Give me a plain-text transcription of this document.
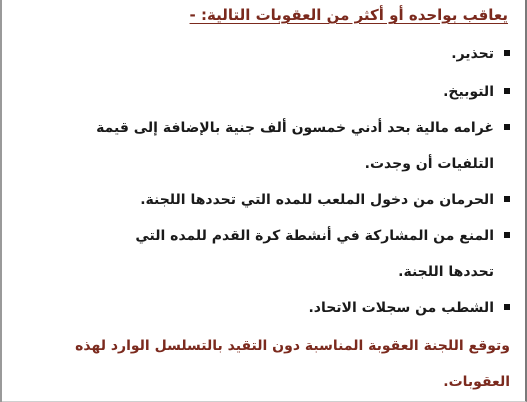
يعاقب بواحده أو أكثر من العقوبات التالية: -

تحذير.

التوبيخ.

غرامه مالية بحد أدني خمسون ألف جنية بالإضافة إلى قيمة

التلفيات أن وجدت.

الحرمان من دخول الملعب للمده التي تحددها اللجنة.

المنع من المشاركة في أنشطة كرة القدم للمده التي

تحددها اللجنة.

الشطب من سجلات الاتحاد.

وتوقع اللجنة العقوبة المناسبة دون التقيد بالتسلسل الوارد لهذه

العقوبات.
